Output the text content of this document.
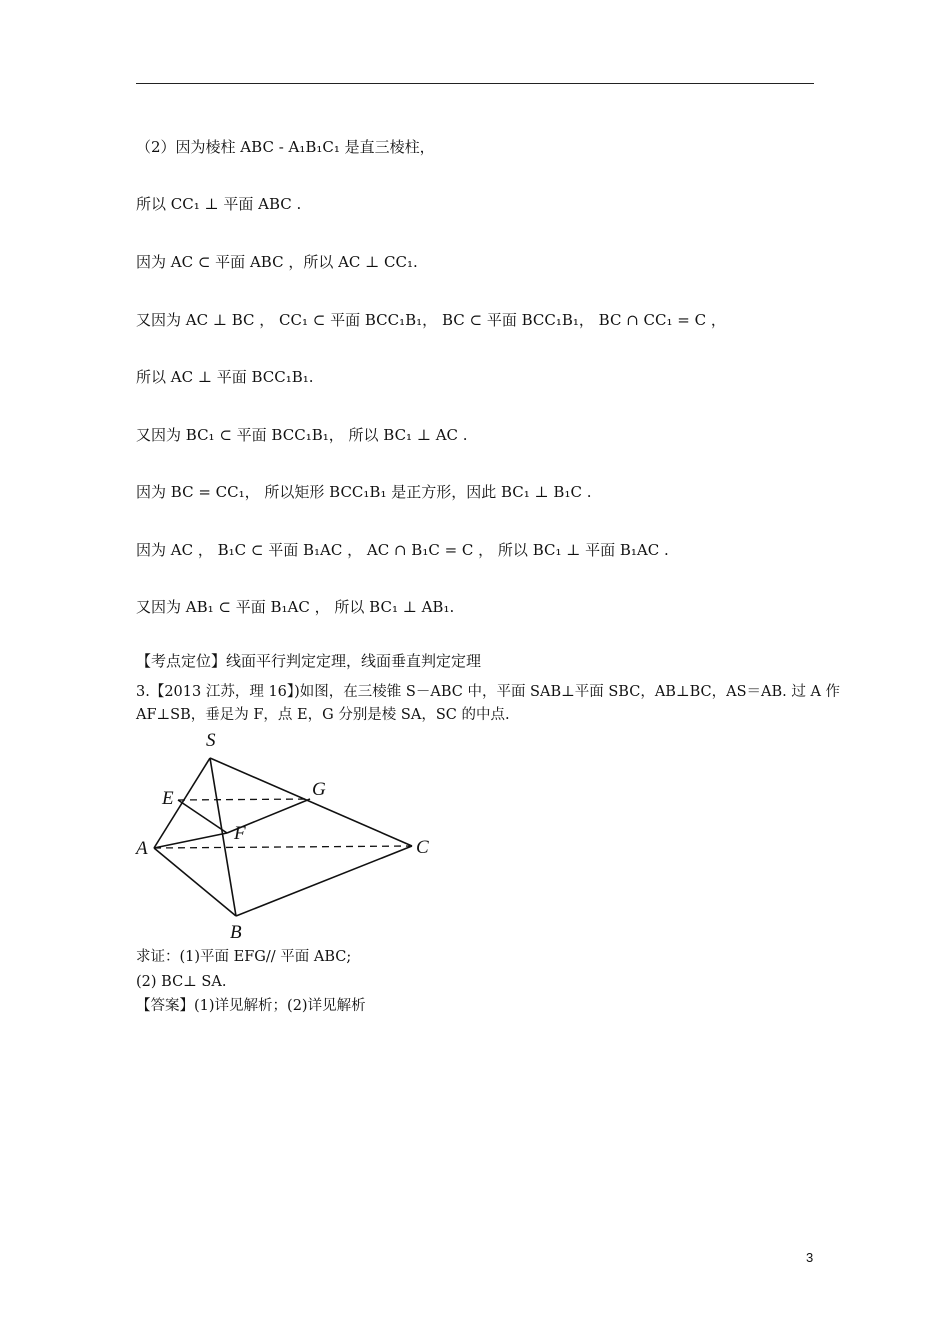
（2）因为棱柱 ABC - A₁B₁C₁ 是直三棱柱，
所以 CC₁ ⊥ 平面 ABC .
因为 AC ⊂ 平面 ABC ，所以 AC ⊥ CC₁.
又因为 AC ⊥ BC ， CC₁ ⊂ 平面 BCC₁B₁， BC ⊂ 平面 BCC₁B₁， BC ∩ CC₁ = C ，
所以 AC ⊥ 平面 BCC₁B₁.
又因为 BC₁ ⊂ 平面 BCC₁B₁， 所以 BC₁ ⊥ AC .
因为 BC = CC₁， 所以矩形 BCC₁B₁ 是正方形，因此 BC₁ ⊥ B₁C .
因为 AC ， B₁C ⊂ 平面 B₁AC ， AC ∩ B₁C = C ， 所以 BC₁ ⊥ 平面 B₁AC .
又因为 AB₁ ⊂ 平面 B₁AC ， 所以 BC₁ ⊥ AB₁.
【考点定位】线面平行判定定理，线面垂直判定定理
3.【2013 江苏，理 16】)如图，在三棱锥 S－ABC 中，平面 SAB⊥平面 SBC，AB⊥BC，AS＝AB. 过 A 作
AF⊥SB，垂足为 F，点 E，G 分别是棱 SA，SC 的中点.
S
E	G
F
A	C
B
求证：(1)平面 EFG// 平面 ABC;
(2) BC⊥ SA.
【答案】(1)详见解析；(2)详见解析
3
